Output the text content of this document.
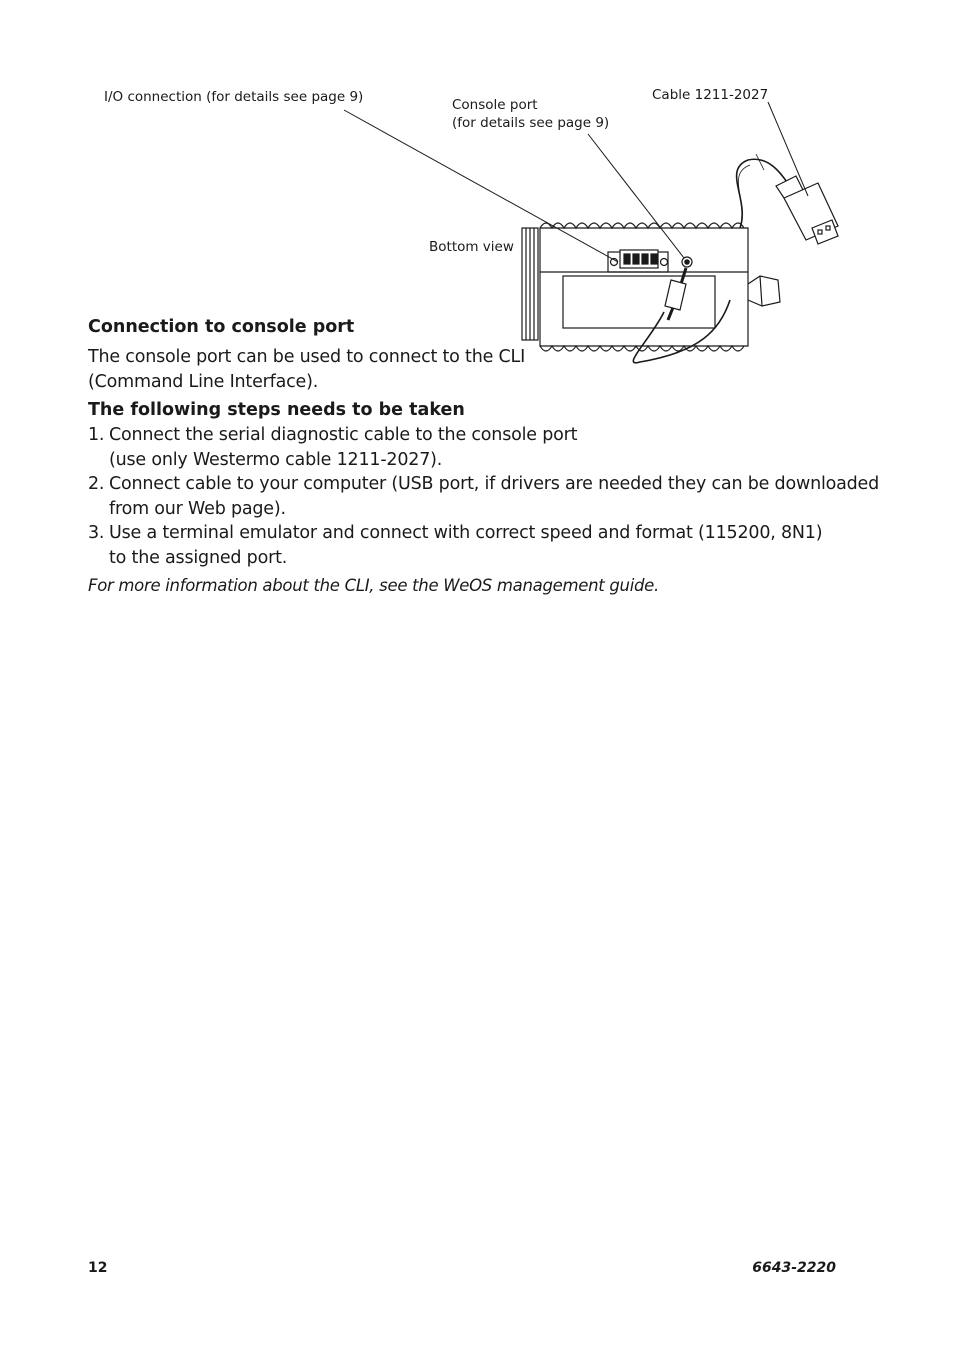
I/O connection (for details see page 9)	Console port
(for details see page 9)
Cable 1211-2027
Bottom view
Connection to console port
The console port can be used to connect to the CLI
(Command Line Interface).
The following steps needs to be taken
1. Connect the serial diagnostic cable to the console port
(use only Westermo cable 1211-2027).
2. Connect cable to your computer (USB port, if drivers are needed they can be downloaded
from our Web page).
3. Use a terminal emulator and connect with correct speed and format (115200, 8N1)
to the assigned port.
For more information about the CLI, see the WeOS management guide.
12	6643-2220
